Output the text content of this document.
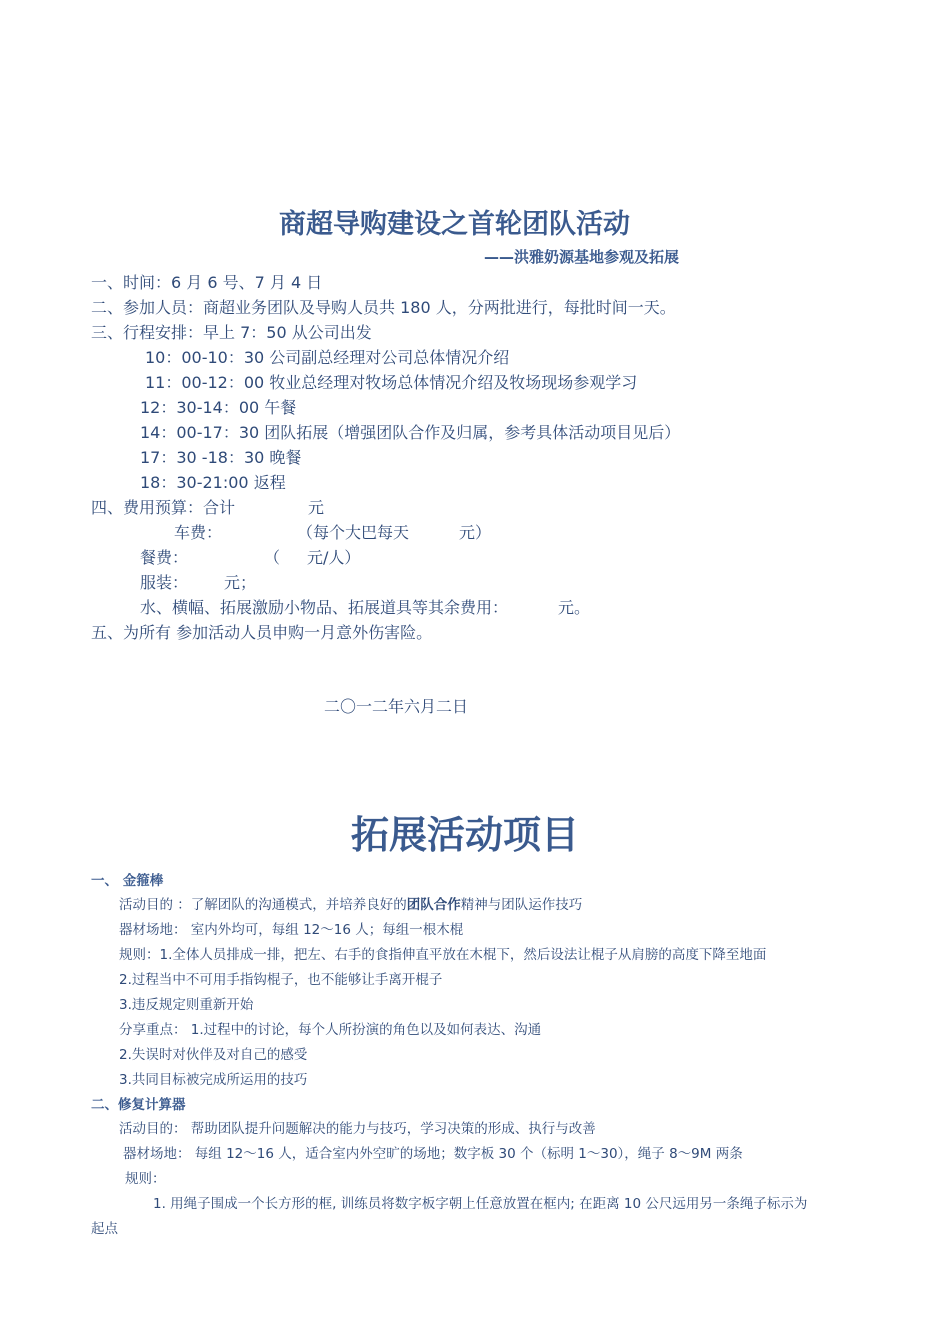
商超导购建设之首轮团队活动
——洪雅奶源基地参观及拓展
一、时间：6 月 6 号、7 月 4 日
二、参加人员：商超业务团队及导购人员共 180 人，分两批进行，每批时间一天。
三、行程安排：早上 7：50 从公司出发
10：00-10：30 公司副总经理对公司总体情况介绍
11：00-12：00 牧业总经理对牧场总体情况介绍及牧场现场参观学习
12：30-14：00 午餐
14：00-17：30 团队拓展（增强团队合作及归属，参考具体活动项目见后）
17：30 -18：30 晚餐
18：30-21:00 返程
四、费用预算：合计	元
车费：	（每个大巴每天	元）
餐费：	（ 元/人）
服装： 元；
水、横幅、拓展激励小物品、拓展道具等其余费用：	元。
五、为所有 参加活动人员申购一月意外伤害险。
二〇一二年六月二日
拓展活动项目
一、 金箍棒
活动目的 ：了解团队的沟通模式，并培养良好的团队合作精神与团队运作技巧
器材场地： 室内外均可，每组 12～16 人；每组一根木棍
规则：1.全体人员排成一排，把左、右手的食指伸直平放在木棍下，然后设法让棍子从肩膀的高度下降至地面
2.过程当中不可用手指钩棍子，也不能够让手离开棍子
3.违反规定则重新开始
分享重点： 1.过程中的讨论，每个人所扮演的角色以及如何表达、沟通
2.失误时对伙伴及对自己的感受
3.共同目标被完成所运用的技巧
二、修复计算器
活动目的： 帮助团队提升问题解决的能力与技巧，学习决策的形成、执行与改善
器材场地： 每组 12～16 人，适合室内外空旷的场地；数字板 30 个（标明 1～30），绳子 8～9M 两条
规则：
1. 用绳子围成一个长方形的框, 训练员将数字板字朝上任意放置在框内; 在距离 10 公尺远用另一条绳子标示为
起点
